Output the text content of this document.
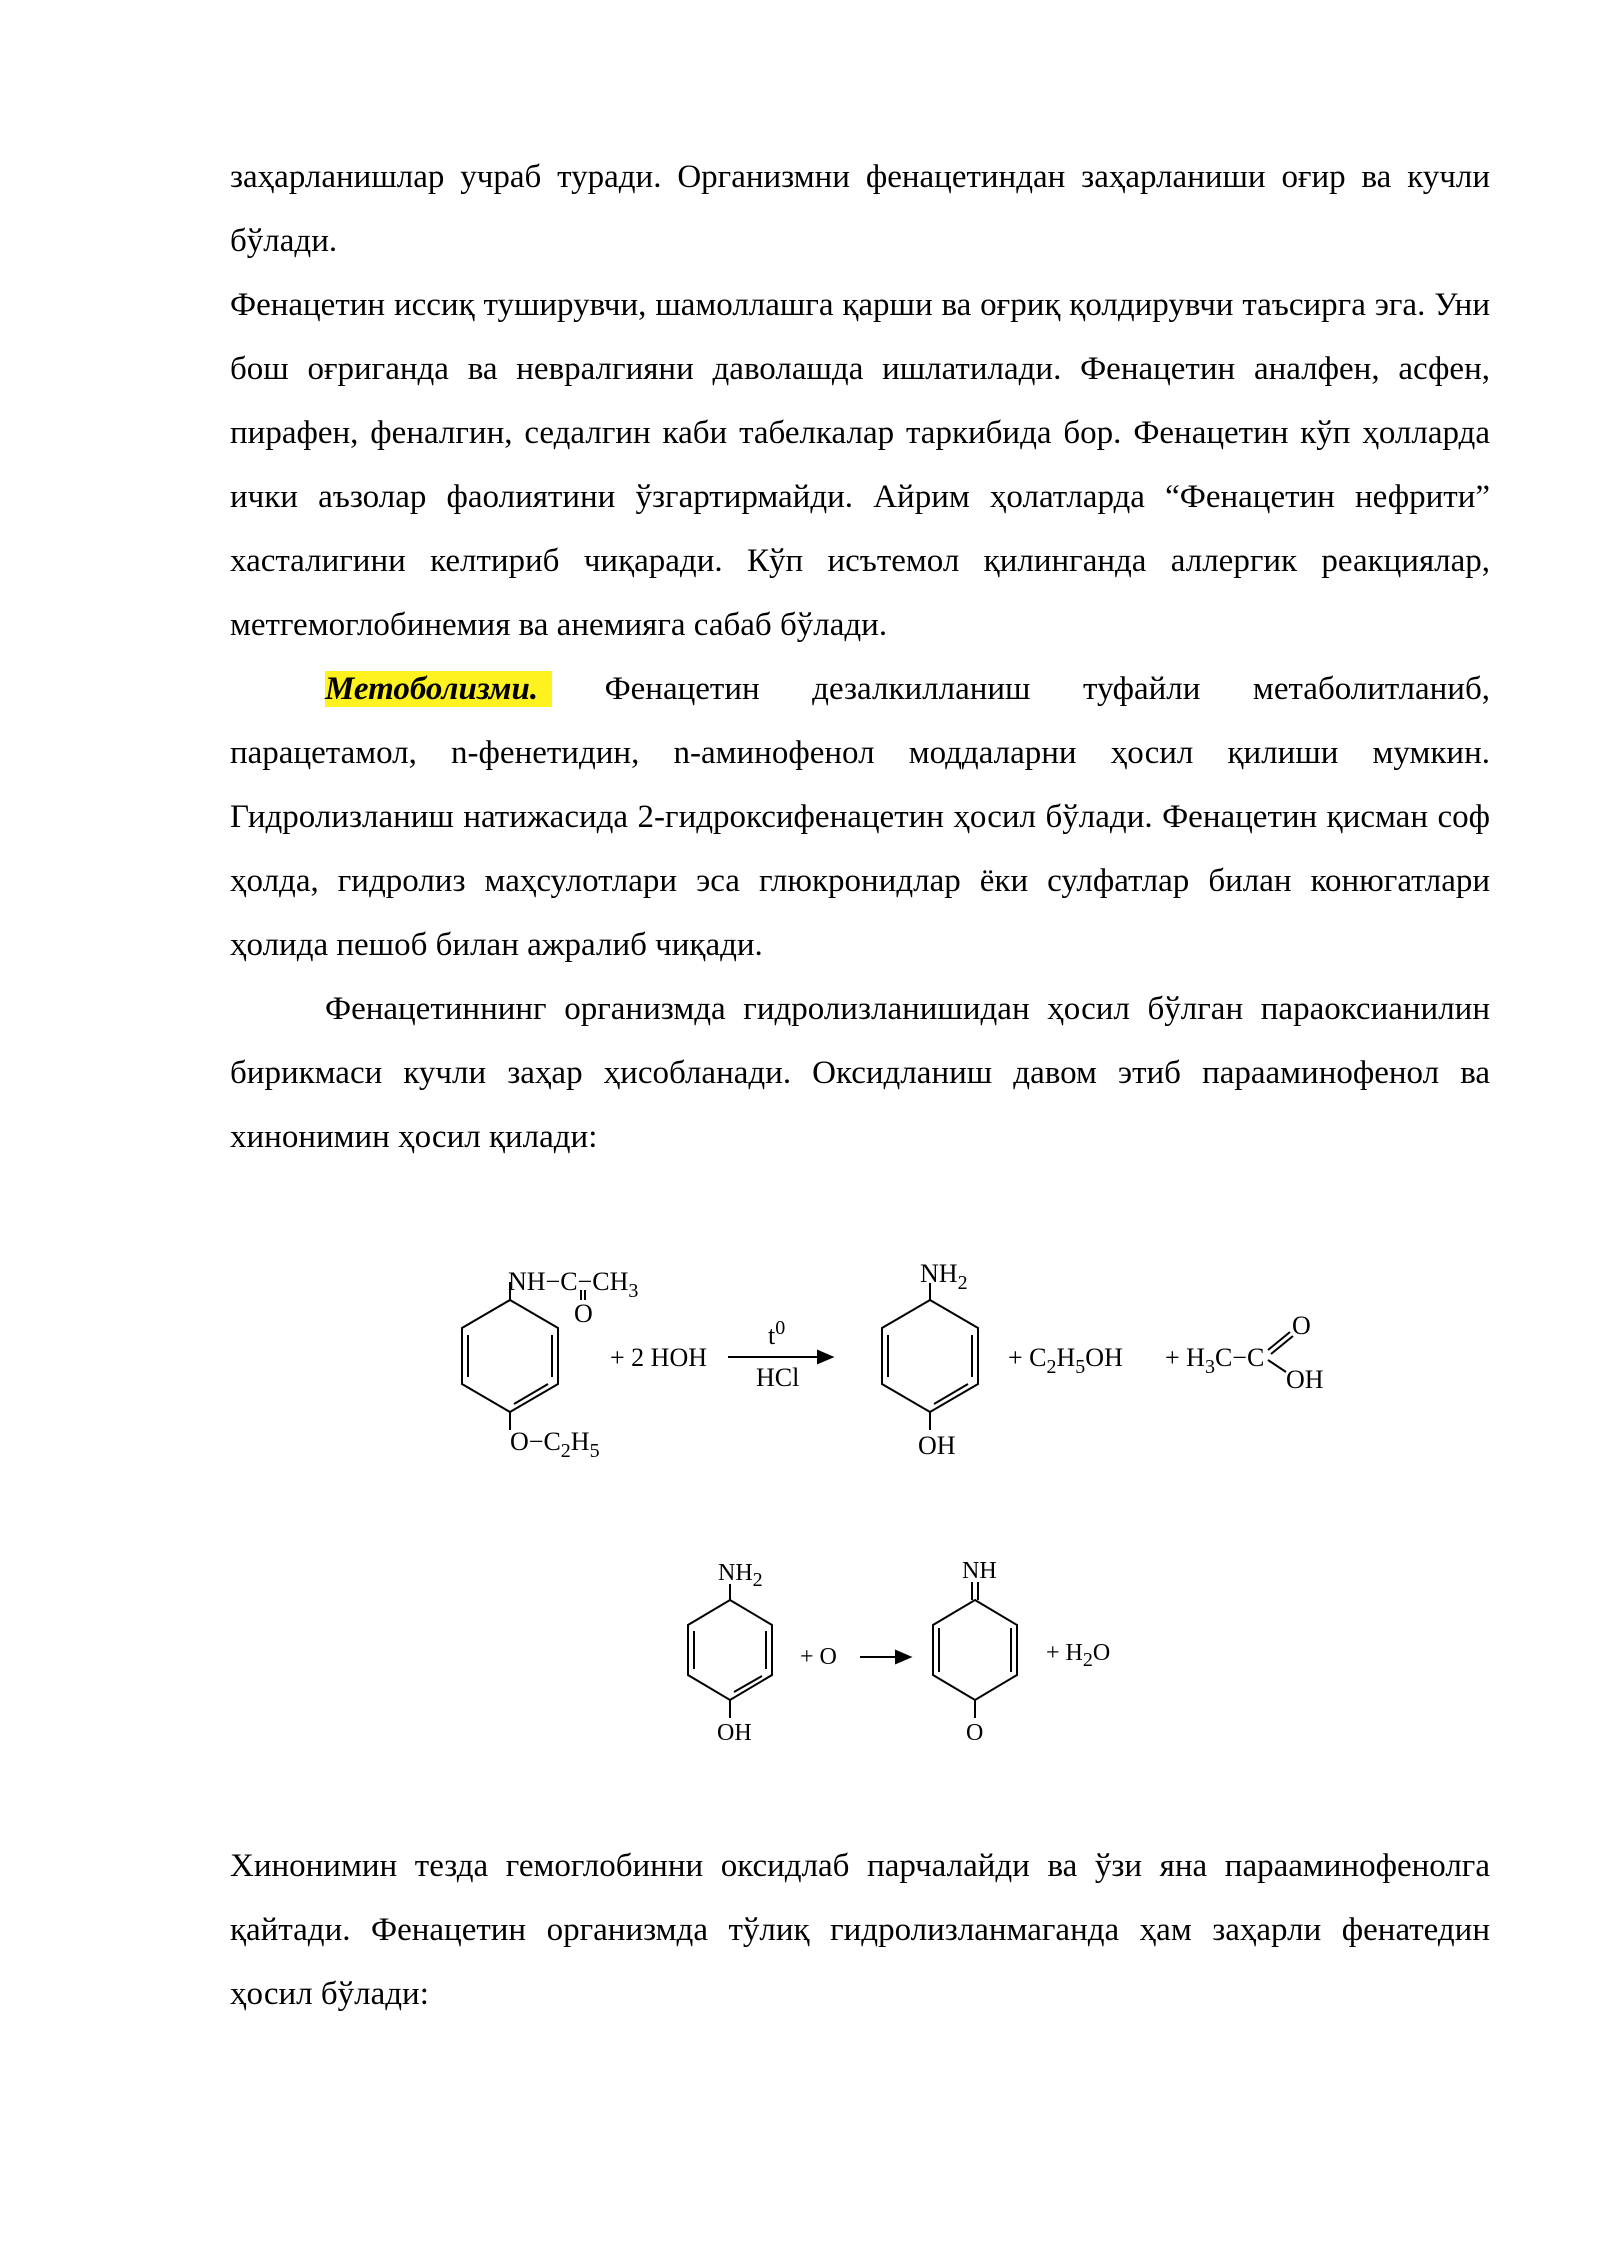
заҳарланишлар учраб туради. Организмни фенацетиндан заҳарланиши оғир ва кучли бўлади.

Фенацетин иссиқ туширувчи, шамоллашга қарши ва оғриқ қолдирувчи таъсирга эга. Уни бош оғриганда ва невралгияни даволашда ишлатилади. Фенацетин аналфен, асфен, пирафен, феналгин, седалгин каби табелкалар таркибида бор. Фенацетин кўп ҳолларда ички аъзолар фаолиятини ўзгартирмайди. Айрим ҳолатларда “Фенацетин нефрити” хасталигини келтириб чиқаради. Кўп исътемол қилинганда аллергик реакциялар, метгемоглобинемия ва анемияга сабаб бўлади.

Метоболизми. Фенацетин дезалкилланиш туфайли метаболитланиб, парацетамол, n-фенетидин, n-аминофенол моддаларни ҳосил қилиши мумкин. Гидролизланиш натижасида 2-гидроксифенацетин ҳосил бўлади. Фенацетин қисман соф ҳолда, гидролиз маҳсулотлари эса глюкронидлар ёки сулфатлар билан конюгатлари ҳолида пешоб билан ажралиб чиқади.

Фенацетиннинг организмда гидролизланишидан ҳосил бўлган параоксианилин бирикмаси кучли заҳар ҳисобланади. Оксидланиш давом этиб парааминофенол ва хинонимин ҳосил қилади:

$NH-C-CH_3$
O
$O-C_2H_5$
+ 2 HOH
$t^0$
HCl
$NH_2$
OH
+ $C_2H_5OH + H_3C-C$
O
OH
$NH_2$
OH
+ O
NH
O
+ $H_2O$

Хинонимин тезда гемоглобинни оксидлаб парчалайди ва ўзи яна парааминофенолга қайтади. Фенацетин организмда тўлиқ гидролизланмаганда ҳам заҳарли фенатедин ҳосил бўлади:
